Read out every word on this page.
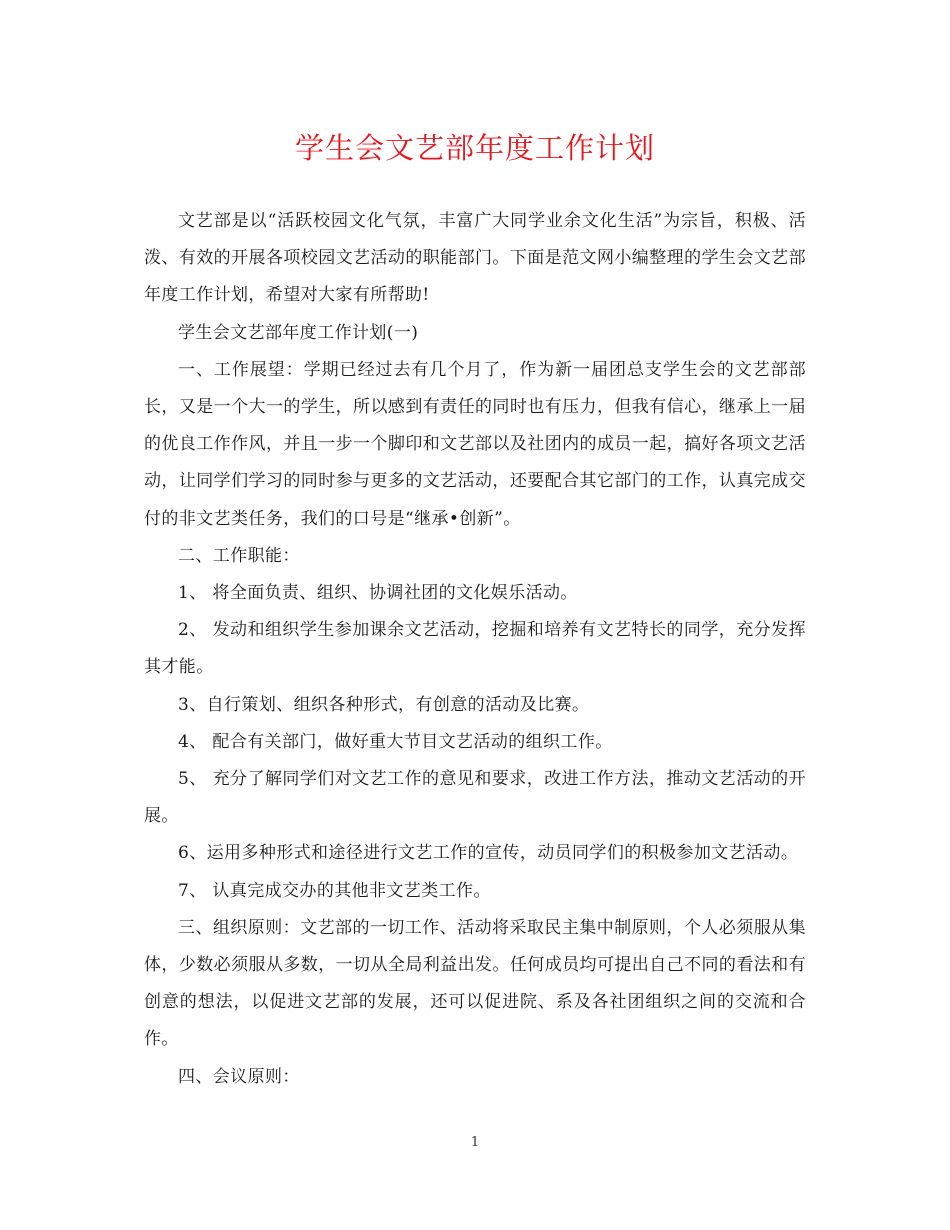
学生会文艺部年度工作计划

文艺部是以“活跃校园文化气氛，丰富广大同学业余文化生活”为宗旨，积极、活泼、有效的开展各项校园文艺活动的职能部门。下面是范文网小编整理的学生会文艺部年度工作计划，希望对大家有所帮助!

学生会文艺部年度工作计划(一)

一、工作展望：学期已经过去有几个月了，作为新一届团总支学生会的文艺部部长，又是一个大一的学生，所以感到有责任的同时也有压力，但我有信心，继承上一届的优良工作作风，并且一步一个脚印和文艺部以及社团内的成员一起，搞好各项文艺活动，让同学们学习的同时参与更多的文艺活动，还要配合其它部门的工作，认真完成交付的非文艺类任务，我们的口号是“继承•创新”。

二、工作职能：

1、 将全面负责、组织、协调社团的文化娱乐活动。

2、 发动和组织学生参加课余文艺活动，挖掘和培养有文艺特长的同学，充分发挥其才能。

3、自行策划、组织各种形式，有创意的活动及比赛。

4、 配合有关部门，做好重大节目文艺活动的组织工作。

5、 充分了解同学们对文艺工作的意见和要求，改进工作方法，推动文艺活动的开展。

6、运用多种形式和途径进行文艺工作的宣传，动员同学们的积极参加文艺活动。

7、 认真完成交办的其他非文艺类工作。

三、组织原则：文艺部的一切工作、活动将采取民主集中制原则，个人必须服从集体，少数必须服从多数，一切从全局利益出发。任何成员均可提出自己不同的看法和有创意的想法，以促进文艺部的发展，还可以促进院、系及各社团组织之间的交流和合作。

四、会议原则：

1
